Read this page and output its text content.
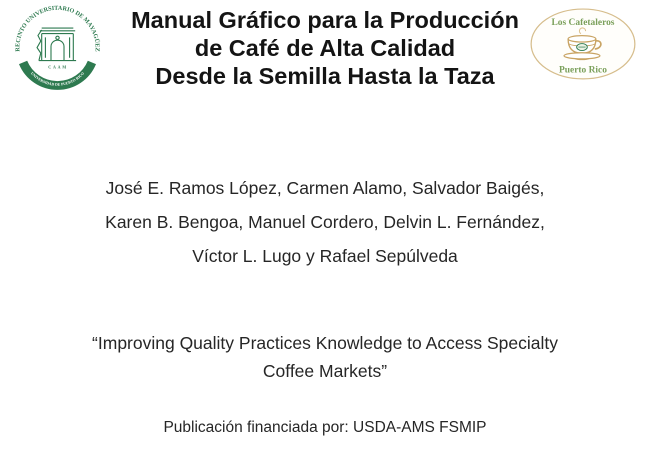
RECINTO UNIVERSITARIO DE MAYAGÜEZ
C A A M
UNIVERSIDAD DE PUERTO RICO
Los Cafetaleros
Puerto Rico
Manual Gráfico para la Producción
de Café de Alta Calidad
Desde la Semilla Hasta la Taza
José E. Ramos López, Carmen Alamo, Salvador Baigés,
Karen B. Bengoa, Manuel Cordero, Delvin L. Fernández,
Víctor L. Lugo y Rafael Sepúlveda
“Improving Quality Practices Knowledge to Access Specialty
Coffee Markets”
Publicación financiada por: USDA-AMS FSMIP
